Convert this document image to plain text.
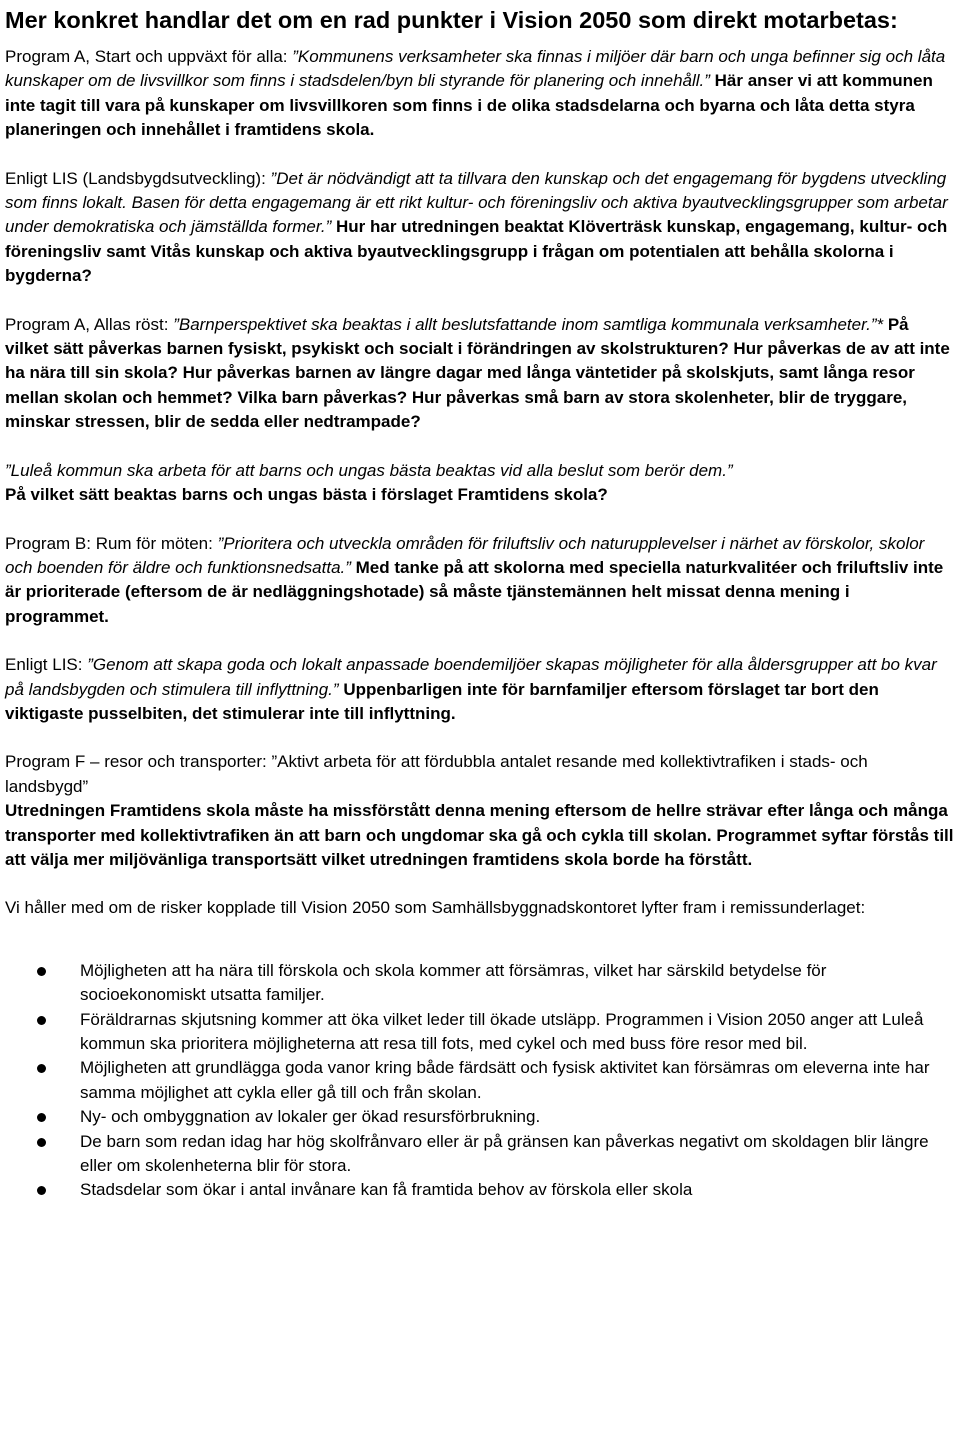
Mer konkret handlar det om en rad punkter i Vision 2050 som direkt motarbetas:

Program A, Start och uppväxt för alla: ”Kommunens verksamheter ska finnas i miljöer där barn och unga befinner sig och låta kunskaper om de livsvillkor som finns i stadsdelen/byn bli styrande för planering och innehåll.” Här anser vi att kommunen inte tagit till vara på kunskaper om livsvillkoren som finns i de olika stadsdelarna och byarna och låta detta styra planeringen och innehållet i framtidens skola.

Enligt LIS (Landsbygdsutveckling): ”Det är nödvändigt att ta tillvara den kunskap och det engagemang för bygdens utveckling som finns lokalt. Basen för detta engagemang är ett rikt kultur- och föreningsliv och aktiva byautvecklingsgrupper som arbetar under demokratiska och jämställda former.” Hur har utredningen beaktat Klöverträsk kunskap, engagemang, kultur- och föreningsliv samt Vitås kunskap och aktiva byautvecklingsgrupp i frågan om potentialen att behålla skolorna i bygderna?

Program A, Allas röst: ”Barnperspektivet ska beaktas i allt beslutsfattande inom samtliga kommunala verksamheter.”* På vilket sätt påverkas barnen fysiskt, psykiskt och socialt i förändringen av skolstrukturen? Hur påverkas de av att inte ha nära till sin skola? Hur påverkas barnen av längre dagar med långa väntetider på skolskjuts, samt långa resor mellan skolan och hemmet? Vilka barn påverkas? Hur påverkas små barn av stora skolenheter, blir de tryggare, minskar stressen, blir de sedda eller nedtrampade?

”Luleå kommun ska arbeta för att barns och ungas bästa beaktas vid alla beslut som berör dem.”
På vilket sätt beaktas barns och ungas bästa i förslaget Framtidens skola?

Program B: Rum för möten: ”Prioritera och utveckla områden för friluftsliv och naturupplevelser i närhet av förskolor, skolor och boenden för äldre och funktionsnedsatta.” Med tanke på att skolorna med speciella naturkvalitéer och friluftsliv inte är prioriterade (eftersom de är nedläggningshotade) så måste tjänstemännen helt missat denna mening i programmet.

Enligt LIS: ”Genom att skapa goda och lokalt anpassade boendemiljöer skapas möjligheter för alla åldersgrupper att bo kvar på landsbygden och stimulera till inflyttning.” Uppenbarligen inte för barnfamiljer eftersom förslaget tar bort den viktigaste pusselbiten, det stimulerar inte till inflyttning.

Program F – resor och transporter: ”Aktivt arbeta för att fördubbla antalet resande med kollektivtrafiken i stads- och landsbygd”
Utredningen Framtidens skola måste ha missförstått denna mening eftersom de hellre strävar efter långa och många transporter med kollektivtrafiken än att barn och ungdomar ska gå och cykla till skolan. Programmet syftar förstås till att välja mer miljövänliga transportsätt vilket utredningen framtidens skola borde ha förstått.

Vi håller med om de risker kopplade till Vision 2050 som Samhällsbyggnadskontoret lyfter fram i remissunderlaget:

Möjligheten att ha nära till förskola och skola kommer att försämras, vilket har särskild betydelse för socioekonomiskt utsatta familjer.
Föräldrarnas skjutsning kommer att öka vilket leder till ökade utsläpp. Programmen i Vision 2050 anger att Luleå kommun ska prioritera möjligheterna att resa till fots, med cykel och med buss före resor med bil.
Möjligheten att grundlägga goda vanor kring både färdsätt och fysisk aktivitet kan försämras om eleverna inte har samma möjlighet att cykla eller gå till och från skolan.
Ny- och ombyggnation av lokaler ger ökad resursförbrukning.
De barn som redan idag har hög skolfrånvaro eller är på gränsen kan påverkas negativt om skoldagen blir längre eller om skolenheterna blir för stora.
Stadsdelar som ökar i antal invånare kan få framtida behov av förskola eller skola
